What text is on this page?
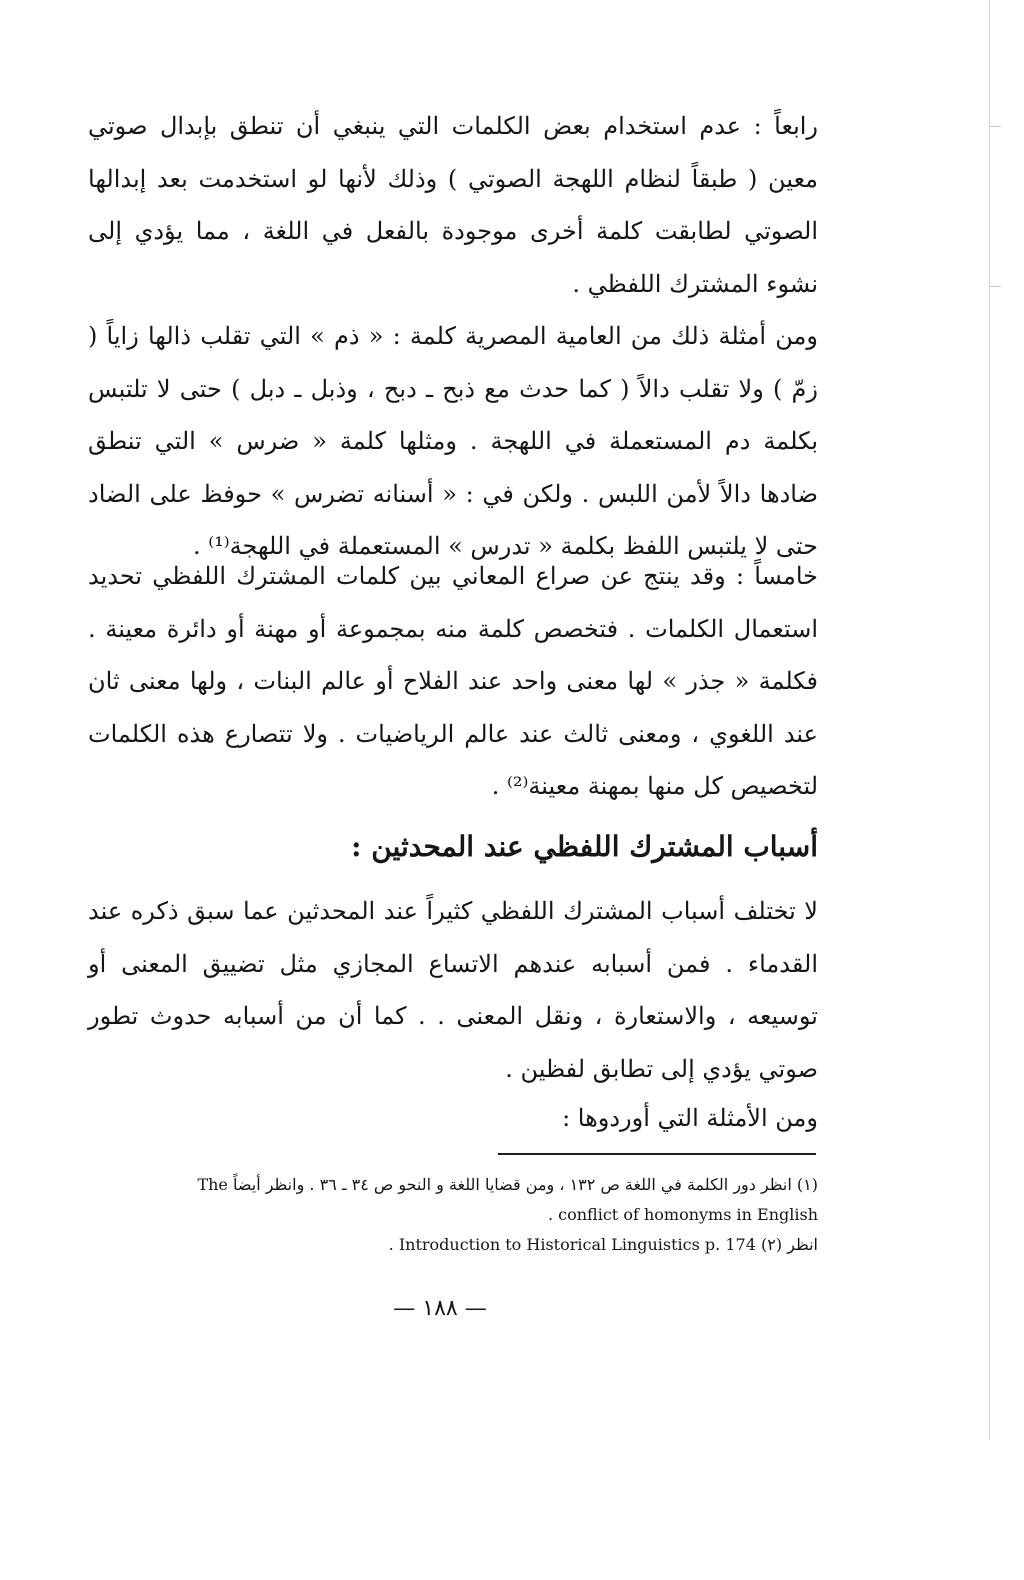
رابعاً : عدم استخدام بعض الكلمات التي ينبغي أن تنطق بإبدال صوتي معين ( طبقاً لنظام اللهجة الصوتي ) وذلك لأنها لو استخدمت بعد إبدالها الصوتي لطابقت كلمة أخرى موجودة بالفعل في اللغة ، مما يؤدي إلى نشوء المشترك اللفظي .

ومن أمثلة ذلك من العامية المصرية كلمة : « ذم » التي تقلب ذالها زاياً ( زمّ ) ولا تقلب دالاً ( كما حدث مع ذبح ـ دبح ، وذبل ـ دبل ) حتى لا تلتبس بكلمة دم المستعملة في اللهجة . ومثلها كلمة « ضرس » التي تنطق ضادها دالاً لأمن اللبس . ولكن في : « أسنانه تضرس » حوفظ على الضاد حتى لا يلتبس اللفظ بكلمة « تدرس » المستعملة في اللهجة⁽¹⁾ .

خامساً : وقد ينتج عن صراع المعاني بين كلمات المشترك اللفظي تحديد استعمال الكلمات . فتخصص كلمة منه بمجموعة أو مهنة أو دائرة معينة . فكلمة « جذر » لها معنى واحد عند الفلاح أو عالم البنات ، ولها معنى ثان عند اللغوي ، ومعنى ثالث عند عالم الرياضيات . ولا تتصارع هذه الكلمات لتخصيص كل منها بمهنة معينة⁽²⁾ .

أسباب المشترك اللفظي عند المحدثين :

لا تختلف أسباب المشترك اللفظي كثيراً عند المحدثين عما سبق ذكره عند القدماء . فمن أسبابه عندهم الاتساع المجازي مثل تضييق المعنى أو توسيعه ، والاستعارة ، ونقل المعنى . . كما أن من أسبابه حدوث تطور صوتي يؤدي إلى تطابق لفظين .

ومن الأمثلة التي أوردوها :

(١) انظر دور الكلمة في اللغة ص ١٣٢ ، ومن قضايا اللغة و النحو ص ٣٤ ـ ٣٦ . وانظر أيضاً The
. conflict of homonyms in English
. Introduction to Historical Linguistics p. 174 انظر (٢)
— ١٨٨ —
